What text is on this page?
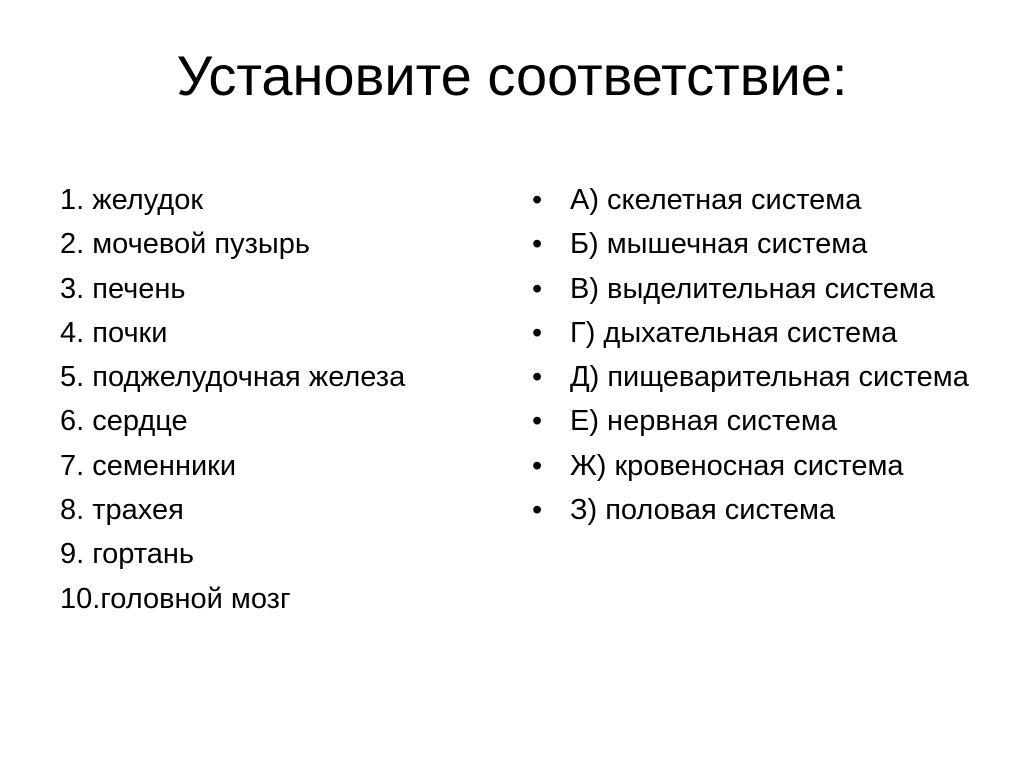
Установите соответствие:
1. желудок
2. мочевой пузырь
3. печень
4. почки
5. поджелудочная железа
6. сердце
7. семенники
8. трахея
9. гортань
10.головной мозг
• А) скелетная система
• Б) мышечная система
• В) выделительная система
• Г) дыхательная система
• Д) пищеварительная система
• Е) нервная система
• Ж) кровеносная система
• З) половая система
